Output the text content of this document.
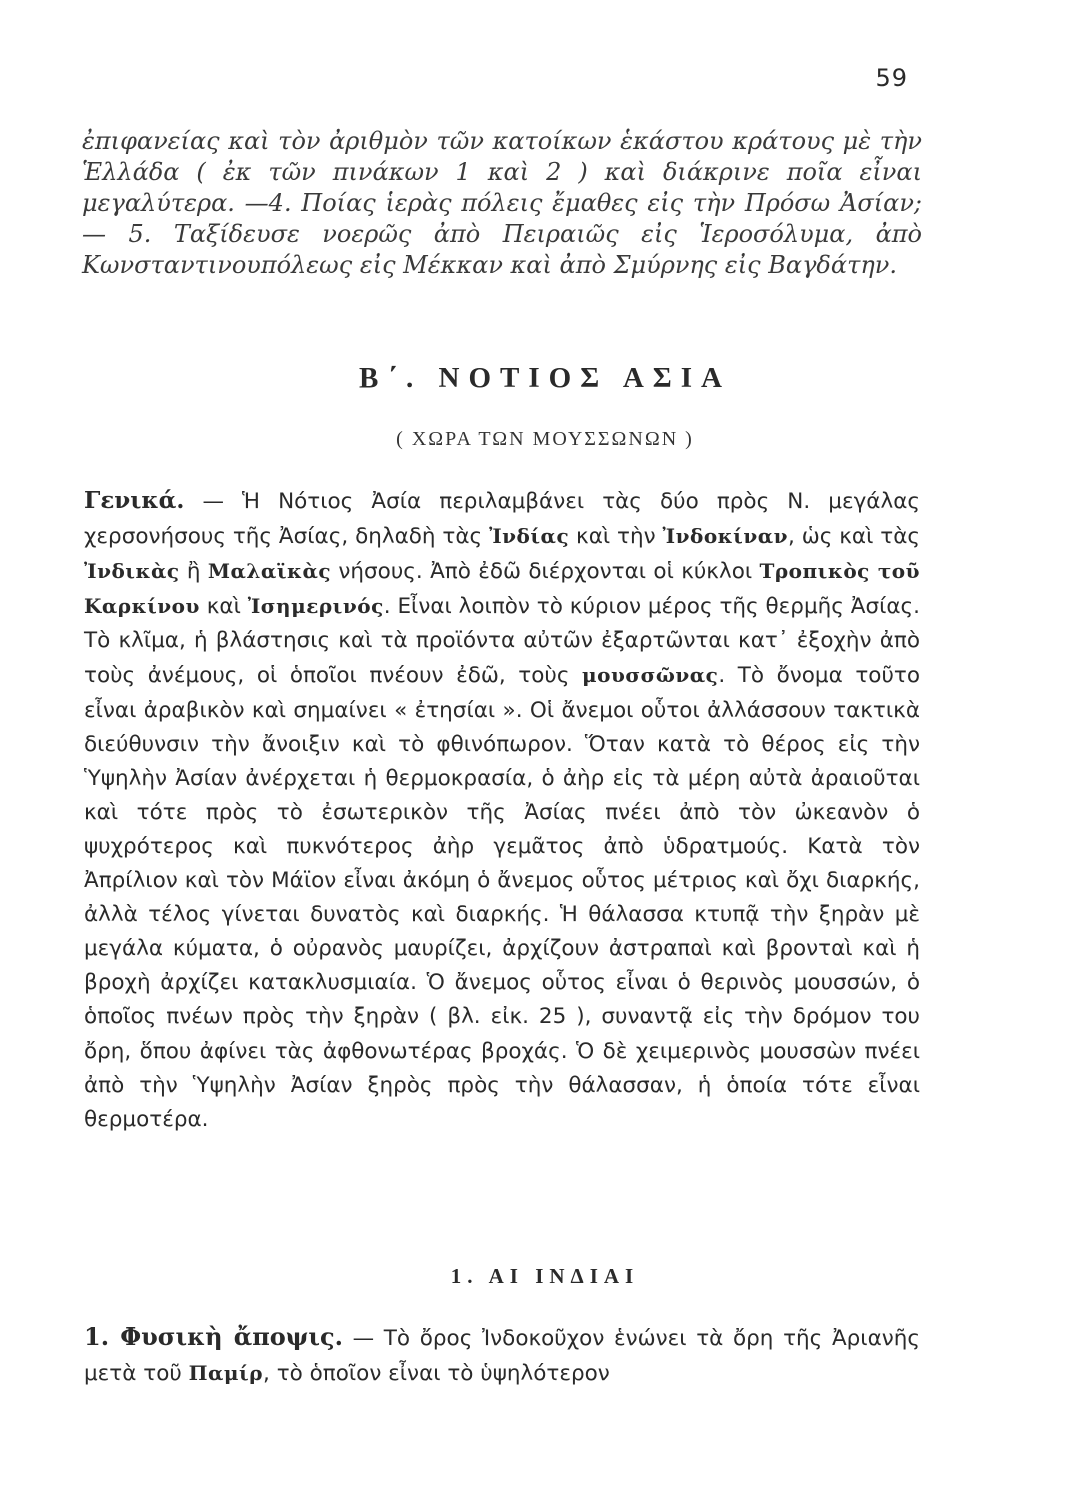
59

ἐπιφανείας καὶ τὸν ἀριθμὸν τῶν κατοίκων ἑκάστου κράτους μὲ τὴν Ἑλλάδα ( ἐκ τῶν πινάκων 1 καὶ 2 ) καὶ διάκρινε ποῖα εἶναι μεγαλύτερα. —4. Ποίας ἱερὰς πόλεις ἔμαθες εἰς τὴν Πρόσω Ἀσίαν; — 5. Ταξίδευσε νοερῶς ἀπὸ Πειραιῶς εἰς Ἱεροσόλυμα, ἀπὸ Κωνσταντινουπόλεως εἰς Μέκκαν καὶ ἀπὸ Σμύρνης εἰς Βαγδάτην.

Β΄. ΝΟΤΙΟΣ ΑΣΙΑ
( ΧΩΡΑ ΤΩΝ ΜΟΥΣΣΩΝΩΝ )

Γενικά. — Ἡ Νότιος Ἀσία περιλαμβάνει τὰς δύο πρὸς Ν. μεγάλας χερσονήσους τῆς Ἀσίας, δηλαδὴ τὰς Ἰνδίας καὶ τὴν Ἰνδοκίναν, ὡς καὶ τὰς Ἰνδικὰς ἢ Μαλαϊκὰς νήσους. Ἀπὸ ἐδῶ διέρχονται οἱ κύκλοι Τροπικὸς τοῦ Καρκίνου καὶ Ἰσημερινός. Εἶναι λοιπὸν τὸ κύριον μέρος τῆς θερμῆς Ἀσίας. Τὸ κλῖμα, ἡ βλάστησις καὶ τὰ προϊόντα αὐτῶν ἐξαρτῶνται κατ᾽ ἐξοχὴν ἀπὸ τοὺς ἀνέμους, οἱ ὁποῖοι πνέουν ἐδῶ, τοὺς μουσσῶνας. Τὸ ὄνομα τοῦτο εἶναι ἀραβικὸν καὶ σημαίνει « ἐτησίαι ». Οἱ ἄνεμοι οὗτοι ἀλλάσσουν τακτικὰ διεύθυνσιν τὴν ἄνοιξιν καὶ τὸ φθινόπωρον. Ὅταν κατὰ τὸ θέρος εἰς τὴν Ὑψηλὴν Ἀσίαν ἀνέρχεται ἡ θερμοκρασία, ὁ ἀὴρ εἰς τὰ μέρη αὐτὰ ἀραιοῦται καὶ τότε πρὸς τὸ ἐσωτερικὸν τῆς Ἀσίας πνέει ἀπὸ τὸν ὠκεανὸν ὁ ψυχρότερος καὶ πυκνότερος ἀὴρ γεμᾶτος ἀπὸ ὑδρατμούς. Κατὰ τὸν Ἀπρίλιον καὶ τὸν Μάϊον εἶναι ἀκόμη ὁ ἄνεμος οὗτος μέτριος καὶ ὄχι διαρκής, ἀλλὰ τέλος γίνεται δυνατὸς καὶ διαρκής. Ἡ θάλασσα κτυπᾷ τὴν ξηρὰν μὲ μεγάλα κύματα, ὁ οὐρανὸς μαυρίζει, ἀρχίζουν ἀστραπαὶ καὶ βρονταὶ καὶ ἡ βροχὴ ἀρχίζει κατακλυσμιαία. Ὁ ἄνεμος οὗτος εἶναι ὁ θερινὸς μουσσών, ὁ ὁποῖος πνέων πρὸς τὴν ξηρὰν ( βλ. εἰκ. 25 ), συναντᾷ εἰς τὴν δρόμον του ὄρη, ὅπου ἀφίνει τὰς ἀφθονωτέρας βροχάς. Ὁ δὲ χειμερινὸς μουσσὼν πνέει ἀπὸ τὴν Ὑψηλὴν Ἀσίαν ξηρὸς πρὸς τὴν θάλασσαν, ἡ ὁποία τότε εἶναι θερμοτέρα.

1. ΑΙ ΙΝΔΙΑΙ

1. Φυσικὴ ἄποψις. — Τὸ ὄρος Ἰνδοκοῦχον ἑνώνει τὰ ὄρη τῆς Ἀριανῆς μετὰ τοῦ Παμίρ, τὸ ὁποῖον εἶναι τὸ ὑψηλότερον
